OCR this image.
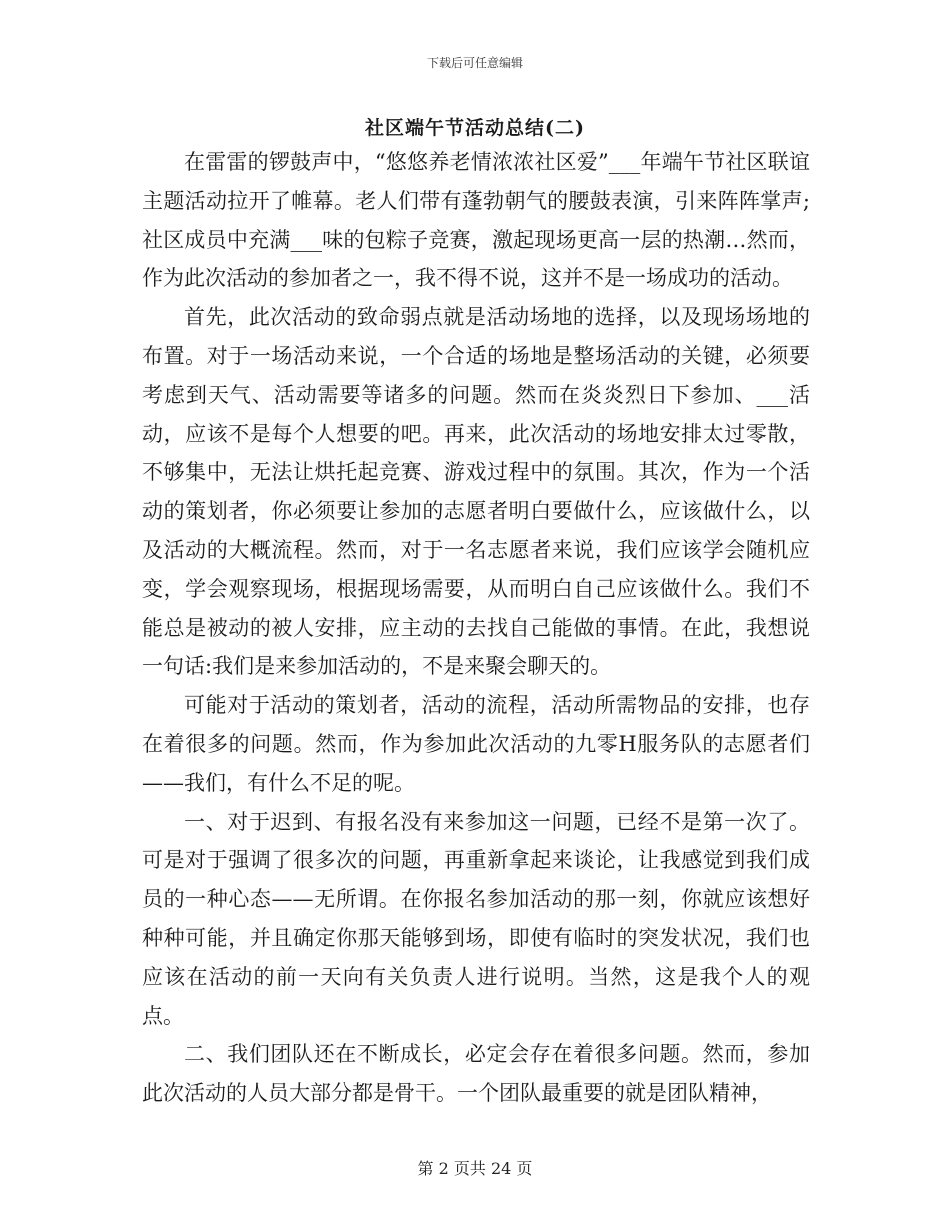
下载后可任意编辑
社区端午节活动总结(二)

在雷雷的锣鼓声中，“悠悠养老情浓浓社区爱”___年端午节社区联谊主题活动拉开了帷幕。老人们带有蓬勃朝气的腰鼓表演，引来阵阵掌声;社区成员中充满___味的包粽子竞赛，激起现场更高一层的热潮…然而，作为此次活动的参加者之一，我不得不说，这并不是一场成功的活动。

首先，此次活动的致命弱点就是活动场地的选择，以及现场场地的布置。对于一场活动来说，一个合适的场地是整场活动的关键，必须要考虑到天气、活动需要等诸多的问题。然而在炎炎烈日下参加、___活动，应该不是每个人想要的吧。再来，此次活动的场地安排太过零散，不够集中，无法让烘托起竞赛、游戏过程中的氛围。其次，作为一个活动的策划者，你必须要让参加的志愿者明白要做什么，应该做什么，以及活动的大概流程。然而，对于一名志愿者来说，我们应该学会随机应变，学会观察现场，根据现场需要，从而明白自己应该做什么。我们不能总是被动的被人安排，应主动的去找自己能做的事情。在此，我想说一句话:我们是来参加活动的，不是来聚会聊天的。

可能对于活动的策划者，活动的流程，活动所需物品的安排，也存在着很多的问题。然而，作为参加此次活动的九零H服务队的志愿者们——我们，有什么不足的呢。

一、对于迟到、有报名没有来参加这一问题，已经不是第一次了。可是对于强调了很多次的问题，再重新拿起来谈论，让我感觉到我们成员的一种心态——无所谓。在你报名参加活动的那一刻，你就应该想好种种可能，并且确定你那天能够到场，即使有临时的突发状况，我们也应该在活动的前一天向有关负责人进行说明。当然，这是我个人的观点。

二、我们团队还在不断成长，必定会存在着很多问题。然而，参加此次活动的人员大部分都是骨干。一个团队最重要的就是团队精神，

第 2 页共 24 页
